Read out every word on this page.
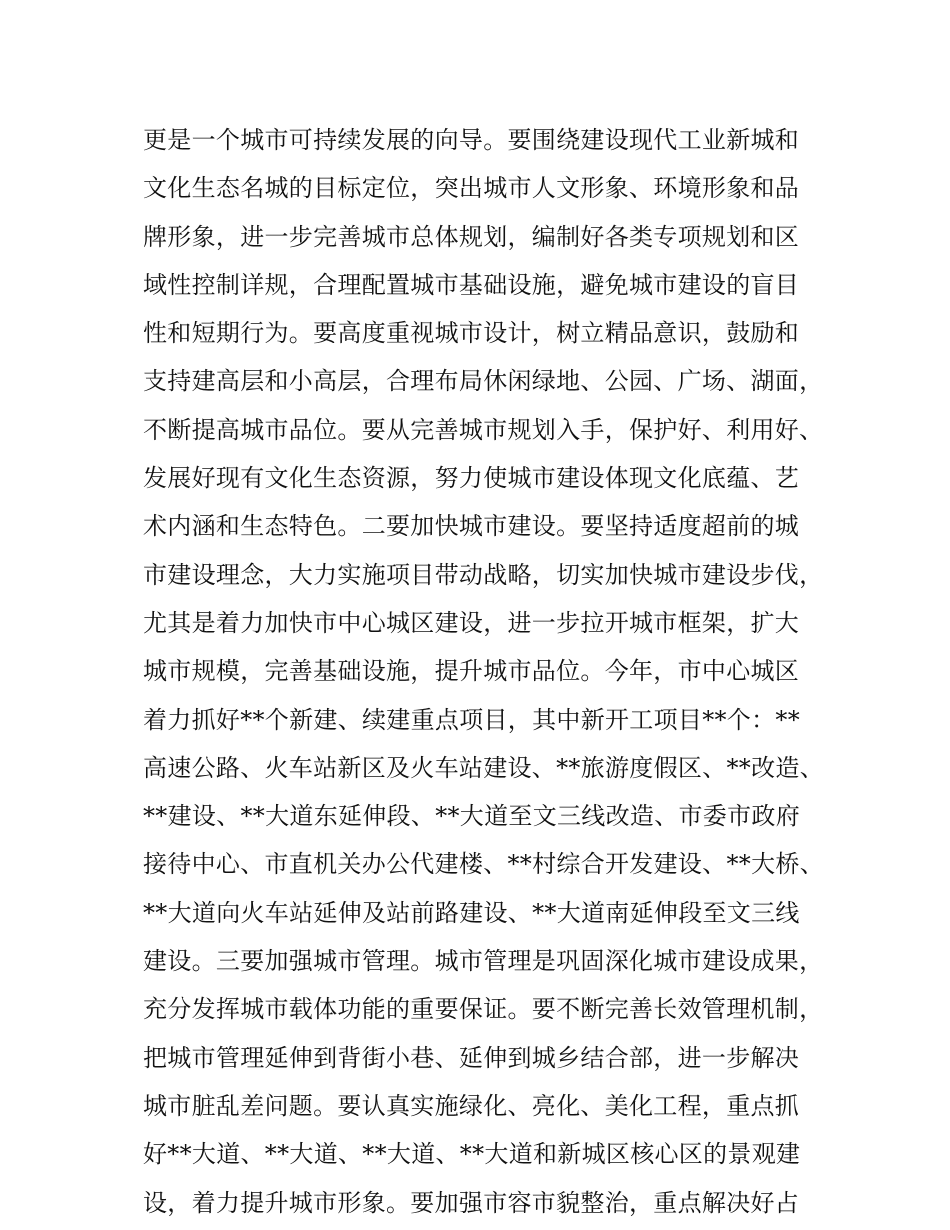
更是一个城市可持续发展的向导。要围绕建设现代工业新城和
文化生态名城的目标定位，突出城市人文形象、环境形象和品
牌形象，进一步完善城市总体规划，编制好各类专项规划和区
域性控制详规，合理配置城市基础设施，避免城市建设的盲目
性和短期行为。要高度重视城市设计，树立精品意识，鼓励和
支持建高层和小高层，合理布局休闲绿地、公园、广场、湖面，
不断提高城市品位。要从完善城市规划入手，保护好、利用好、
发展好现有文化生态资源，努力使城市建设体现文化底蕴、艺
术内涵和生态特色。二要加快城市建设。要坚持适度超前的城
市建设理念，大力实施项目带动战略，切实加快城市建设步伐，
尤其是着力加快市中心城区建设，进一步拉开城市框架，扩大
城市规模，完善基础设施，提升城市品位。今年，市中心城区
着力抓好**个新建、续建重点项目，其中新开工项目**个：**
高速公路、火车站新区及火车站建设、**旅游度假区、**改造、
**建设、**大道东延伸段、**大道至文三线改造、市委市政府
接待中心、市直机关办公代建楼、**村综合开发建设、**大桥、
**大道向火车站延伸及站前路建设、**大道南延伸段至文三线
建设。三要加强城市管理。城市管理是巩固深化城市建设成果，
充分发挥城市载体功能的重要保证。要不断完善长效管理机制，
把城市管理延伸到背街小巷、延伸到城乡结合部，进一步解决
城市脏乱差问题。要认真实施绿化、亮化、美化工程，重点抓
好**大道、**大道、**大道、**大道和新城区核心区的景观建
设，着力提升城市形象。要加强市容市貌整治，重点解决好占
